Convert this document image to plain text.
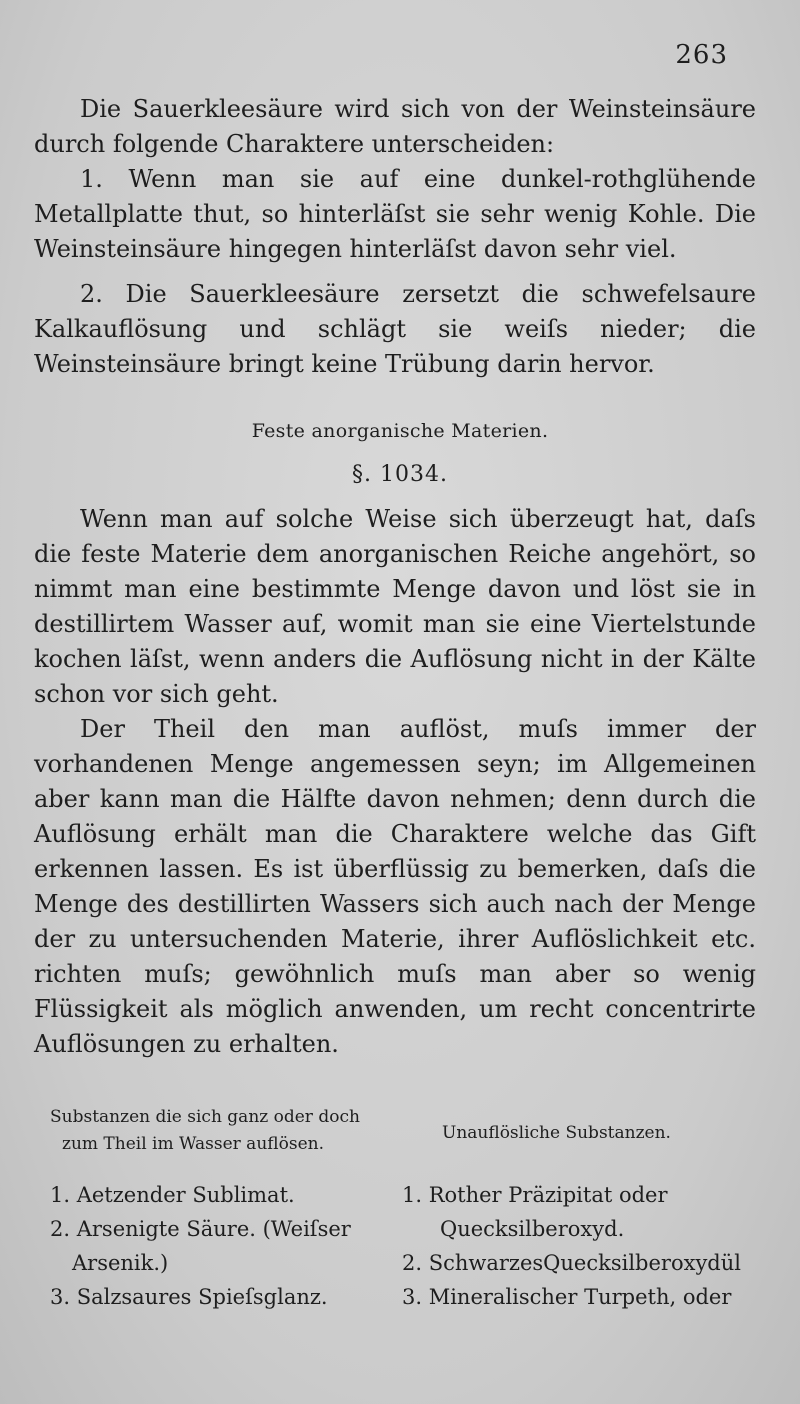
263

Die Sauerkleesäure wird sich von der Weinsteinsäure durch folgende Charaktere unterscheiden:

1. Wenn man sie auf eine dunkel-rothglühende Metallplatte thut, so hinterläſst sie sehr wenig Kohle. Die Weinsteinsäure hingegen hinterläſst davon sehr viel.

2. Die Sauerkleesäure zersetzt die schwefelsaure Kalkauflösung und schlägt sie weiſs nieder; die Weinsteinsäure bringt keine Trübung darin hervor.

Feste anorganische Materien.
§. 1034.

Wenn man auf solche Weise sich überzeugt hat, daſs die feste Materie dem anorganischen Reiche angehört, so nimmt man eine bestimmte Menge davon und löst sie in destillirtem Wasser auf, womit man sie eine Viertelstunde kochen läſst, wenn anders die Auflösung nicht in der Kälte schon vor sich geht.

Der Theil den man auflöst, muſs immer der vorhandenen Menge angemessen seyn; im Allgemeinen aber kann man die Hälfte davon nehmen; denn durch die Auflösung erhält man die Charaktere welche das Gift erkennen lassen. Es ist überflüssig zu bemerken, daſs die Menge des destillirten Wassers sich auch nach der Menge der zu untersuchenden Materie, ihrer Auflöslichkeit etc. richten muſs; gewöhnlich muſs man aber so wenig Flüssigkeit als möglich anwenden, um recht concentrirte Auflösungen zu erhalten.

Substanzen die sich ganz oder doch
zum Theil im Wasser auflösen.
Unauflösliche Substanzen.
1. Aetzender Sublimat.
2. Arsenigte Säure. (Weiſser
Arsenik.)
3. Salzsaures Spieſsglanz.
1. Rother Präzipitat oder
Quecksilberoxyd.
2. SchwarzesQuecksilberoxydül
3. Mineralischer Turpeth, oder
